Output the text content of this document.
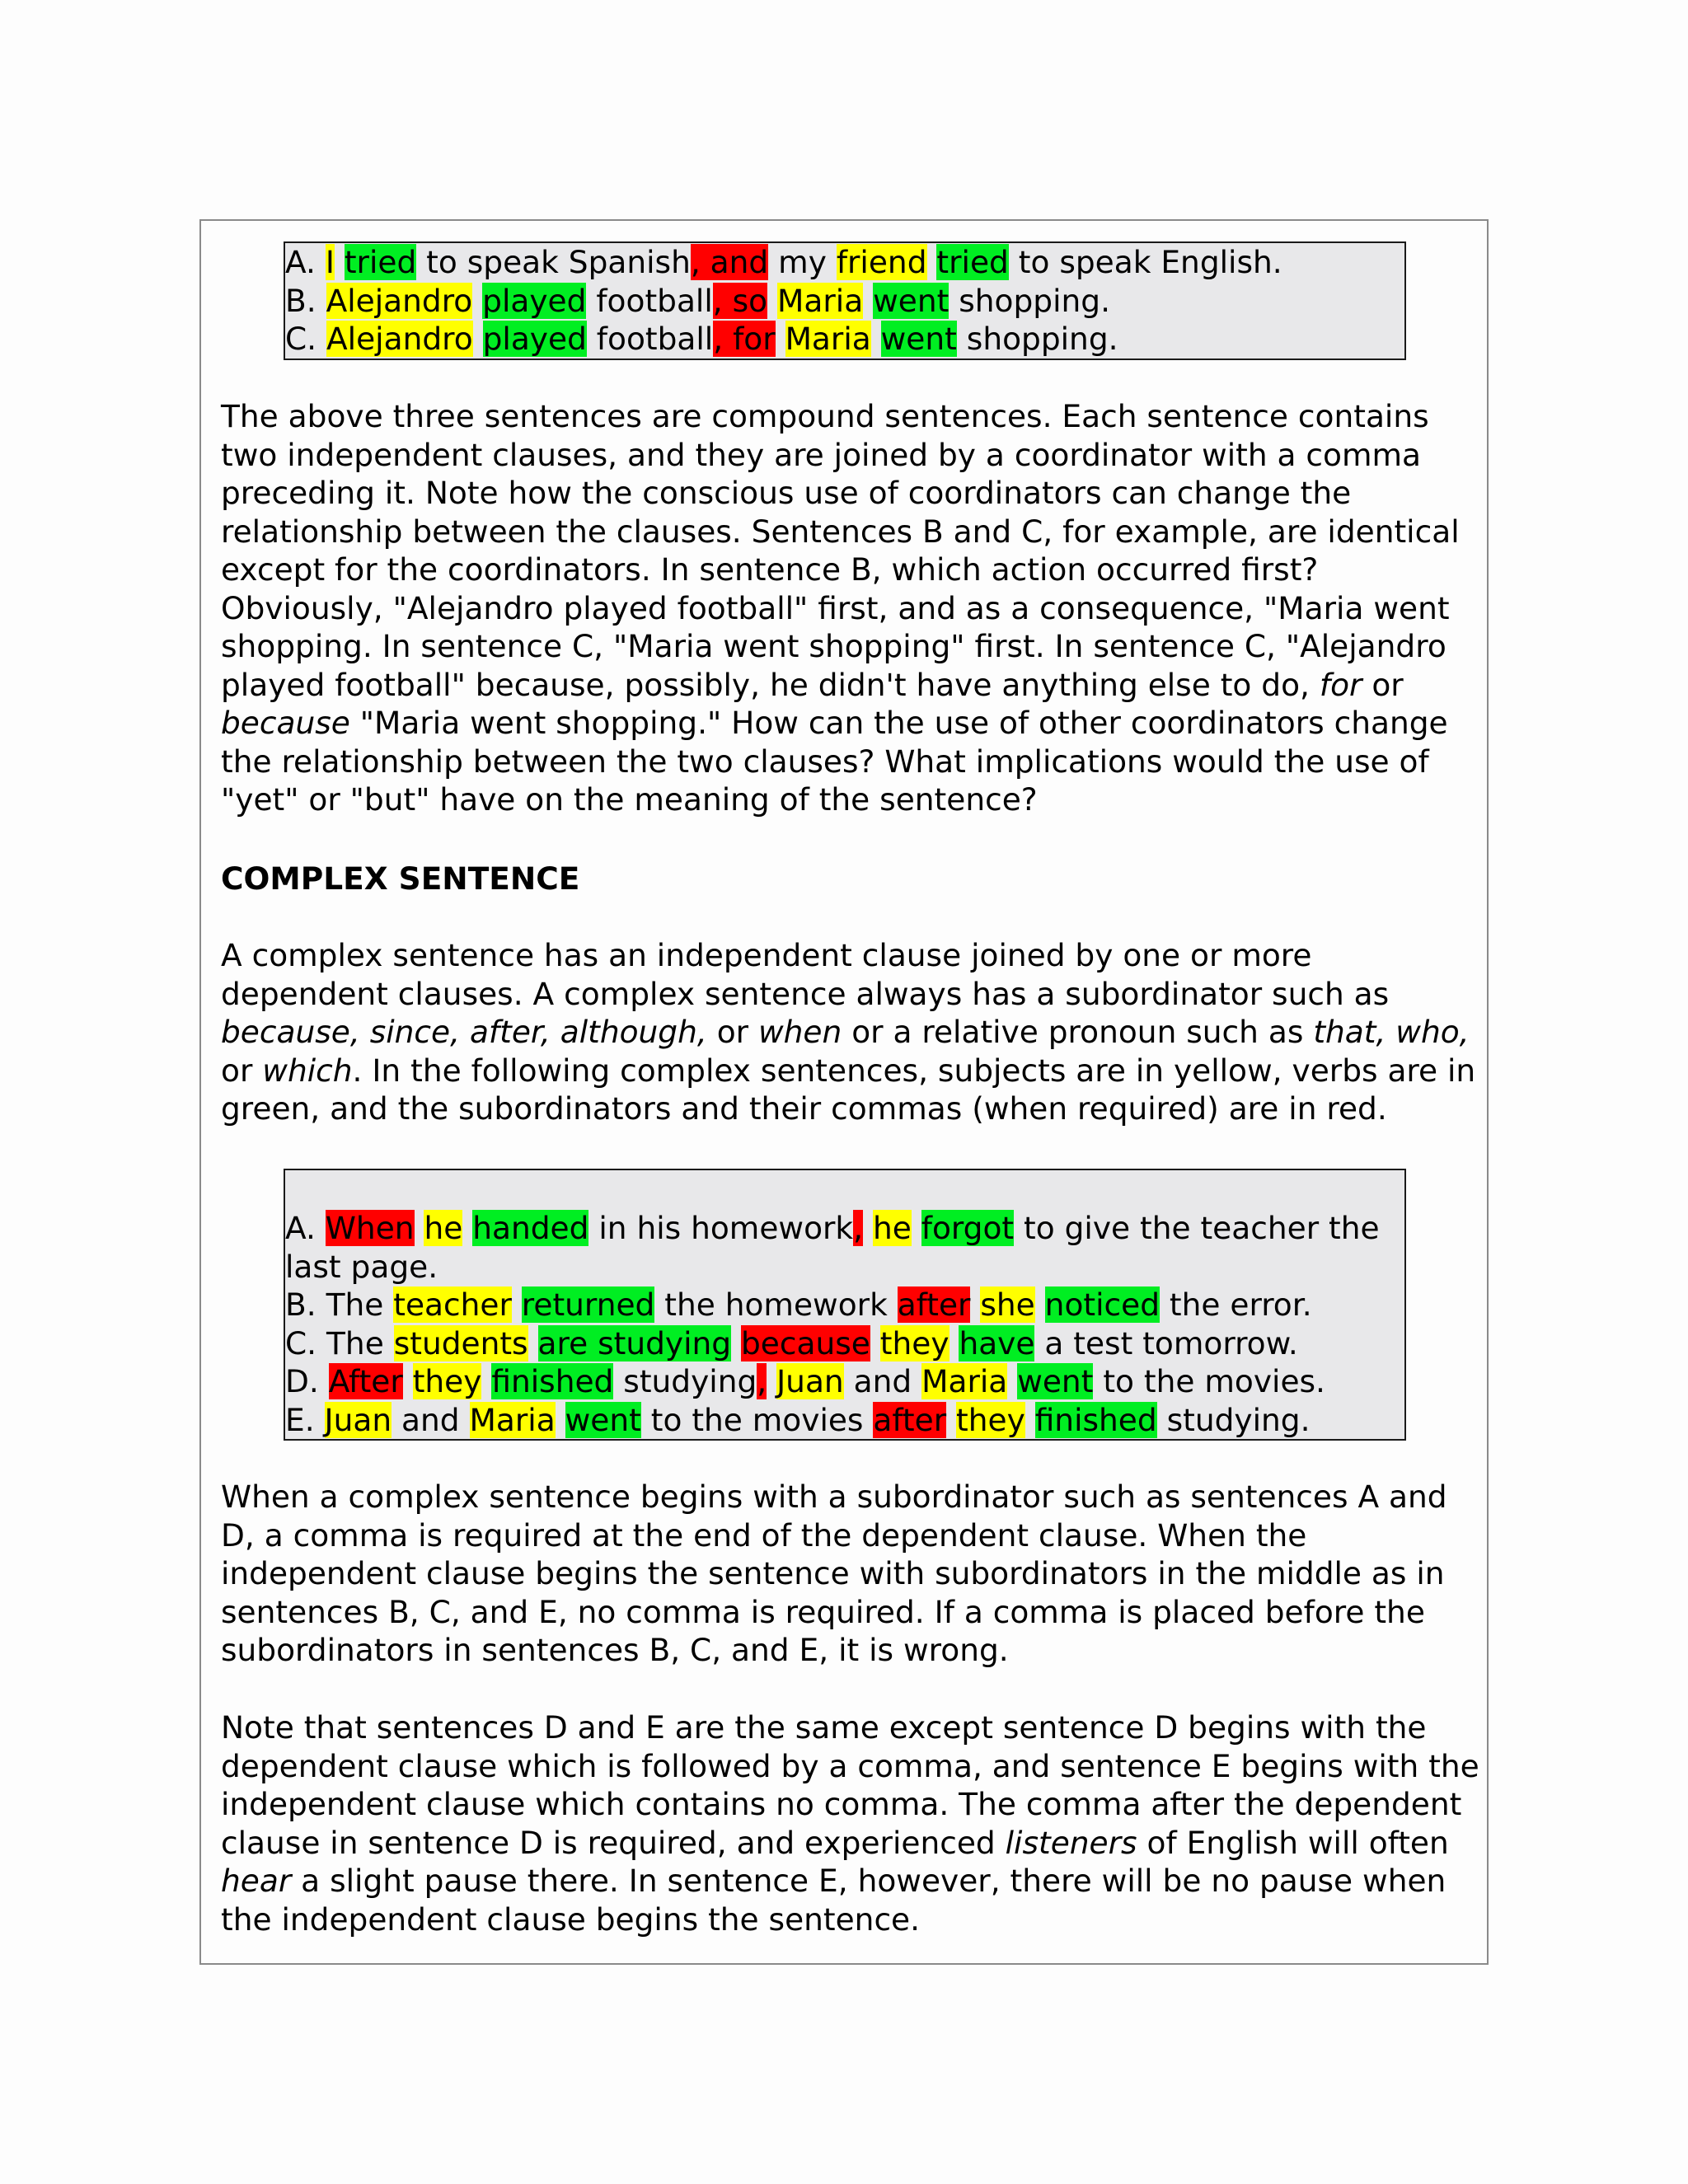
A. I tried to speak Spanish, and my friend tried to speak English.
B. Alejandro played football, so Maria went shopping.
C. Alejandro played football, for Maria went shopping.

The above three sentences are compound sentences. Each sentence contains two independent clauses, and they are joined by a coordinator with a comma preceding it. Note how the conscious use of coordinators can change the relationship between the clauses. Sentences B and C, for example, are identical except for the coordinators. In sentence B, which action occurred first? Obviously, "Alejandro played football" first, and as a consequence, "Maria went shopping. In sentence C, "Maria went shopping" first. In sentence C, "Alejandro played football" because, possibly, he didn't have anything else to do, for or because "Maria went shopping." How can the use of other coordinators change the relationship between the two clauses? What implications would the use of "yet" or "but" have on the meaning of the sentence?

COMPLEX SENTENCE

A complex sentence has an independent clause joined by one or more dependent clauses. A complex sentence always has a subordinator such as because, since, after, although, or when or a relative pronoun such as that, who, or which. In the following complex sentences, subjects are in yellow, verbs are in green, and the subordinators and their commas (when required) are in red.

A. When he handed in his homework, he forgot to give the teacher the last page.
B. The teacher returned the homework after she noticed the error.
C. The students are studying because they have a test tomorrow.
D. After they finished studying, Juan and Maria went to the movies.
E. Juan and Maria went to the movies after they finished studying.

When a complex sentence begins with a subordinator such as sentences A and D, a comma is required at the end of the dependent clause. When the independent clause begins the sentence with subordinators in the middle as in sentences B, C, and E, no comma is required. If a comma is placed before the subordinators in sentences B, C, and E, it is wrong.

Note that sentences D and E are the same except sentence D begins with the dependent clause which is followed by a comma, and sentence E begins with the independent clause which contains no comma. The comma after the dependent clause in sentence D is required, and experienced listeners of English will often hear a slight pause there. In sentence E, however, there will be no pause when the independent clause begins the sentence.
